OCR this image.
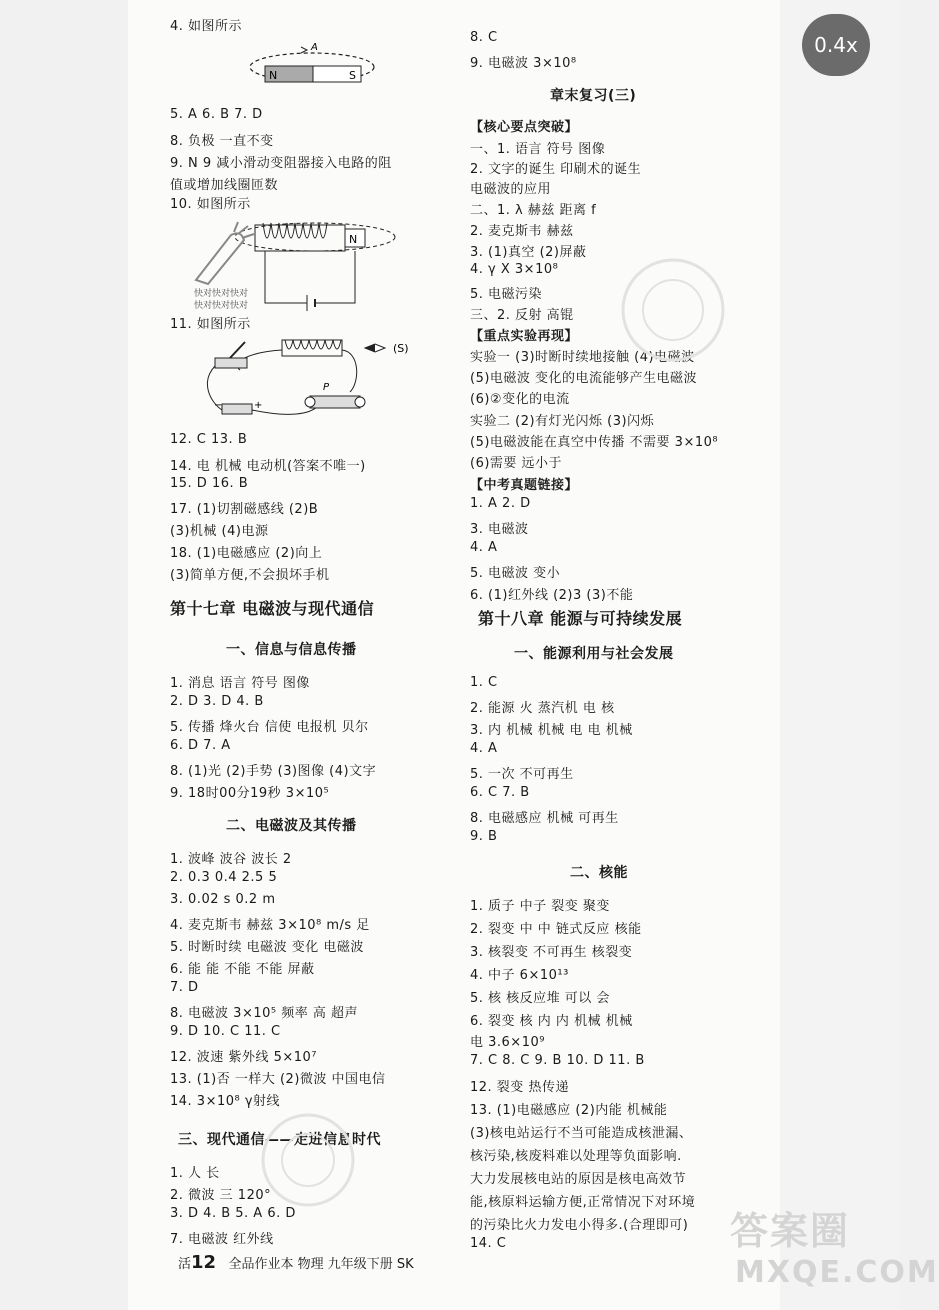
4. 如图所示
5. A 6. B 7. D
8. 负极 一直不变
9. N 9 减小滑动变阻器接入电路的阻
值或增加线圈匝数
10. 如图所示
11. 如图所示
12. C 13. B
14. 电 机械 电动机(答案不唯一)
15. D 16. B
17. (1)切割磁感线 (2)B
(3)机械 (4)电源
18. (1)电磁感应 (2)向上
(3)简单方便,不会损坏手机
第十七章 电磁波与现代通信
一、信息与信息传播
1. 消息 语言 符号 图像
2. D 3. D 4. B
5. 传播 烽火台 信使 电报机 贝尔
6. D 7. A
8. (1)光 (2)手势 (3)图像 (4)文字
9. 18时00分19秒 3×10⁵
二、电磁波及其传播
1. 波峰 波谷 波长 2
2. 0.3 0.4 2.5 5
3. 0.02 s 0.2 m
4. 麦克斯韦 赫兹 3×10⁸ m/s 足
5. 时断时续 电磁波 变化 电磁波
6. 能 能 不能 不能 屏蔽
7. D
8. 电磁波 3×10⁵ 频率 高 超声
9. D 10. C 11. C
12. 波速 紫外线 5×10⁷
13. (1)否 一样大 (2)微波 中国电信
14. 3×10⁸ γ射线
三、现代通信——走进信息时代
1. 人 长
2. 微波 三 120°
3. D 4. B 5. A 6. D
7. 电磁波 红外线
8. C
9. 电磁波 3×10⁸
章末复习(三)
【核心要点突破】
一、1. 语言 符号 图像
2. 文字的诞生 印刷术的诞生
电磁波的应用
二、1. λ 赫兹 距离 f
2. 麦克斯韦 赫兹
3. (1)真空 (2)屏蔽
4. γ X 3×10⁸
5. 电磁污染
三、2. 反射 高锟
【重点实验再现】
实验一 (3)时断时续地接触 (4)电磁波
(5)电磁波 变化的电流能够产生电磁波
(6)②变化的电流
实验二 (2)有灯光闪烁 (3)闪烁
(5)电磁波能在真空中传播 不需要 3×10⁸
(6)需要 远小于
【中考真题链接】
1. A 2. D
3. 电磁波
4. A
5. 电磁波 变小
6. (1)红外线 (2)3 (3)不能
第十八章 能源与可持续发展
一、能源利用与社会发展
1. C
2. 能源 火 蒸汽机 电 核
3. 内 机械 机械 电 电 机械
4. A
5. 一次 不可再生
6. C 7. B
8. 电磁感应 机械 可再生
9. B
二、核能
1. 质子 中子 裂变 聚变
2. 裂变 中 中 链式反应 核能
3. 核裂变 不可再生 核裂变
4. 中子 6×10¹³
5. 核 核反应堆 可以 会
6. 裂变 核 内 内 机械 机械
电 3.6×10⁹
7. C 8. C 9. B 10. D 11. B
12. 裂变 热传递
13. (1)电磁感应 (2)内能 机械能
(3)核电站运行不当可能造成核泄漏、
核污染,核废料难以处理等负面影响.
大力发展核电站的原因是核电高效节
能,核原料运输方便,正常情况下对环境
的污染比火力发电小得多.(合理即可)
14. C
N	S
A
N
−	+
P
(S)
快对快对快对
快对快对快对
答案圈
MXQE.COM
活12 全品作业本 物理 九年级下册 SK
0.4x
